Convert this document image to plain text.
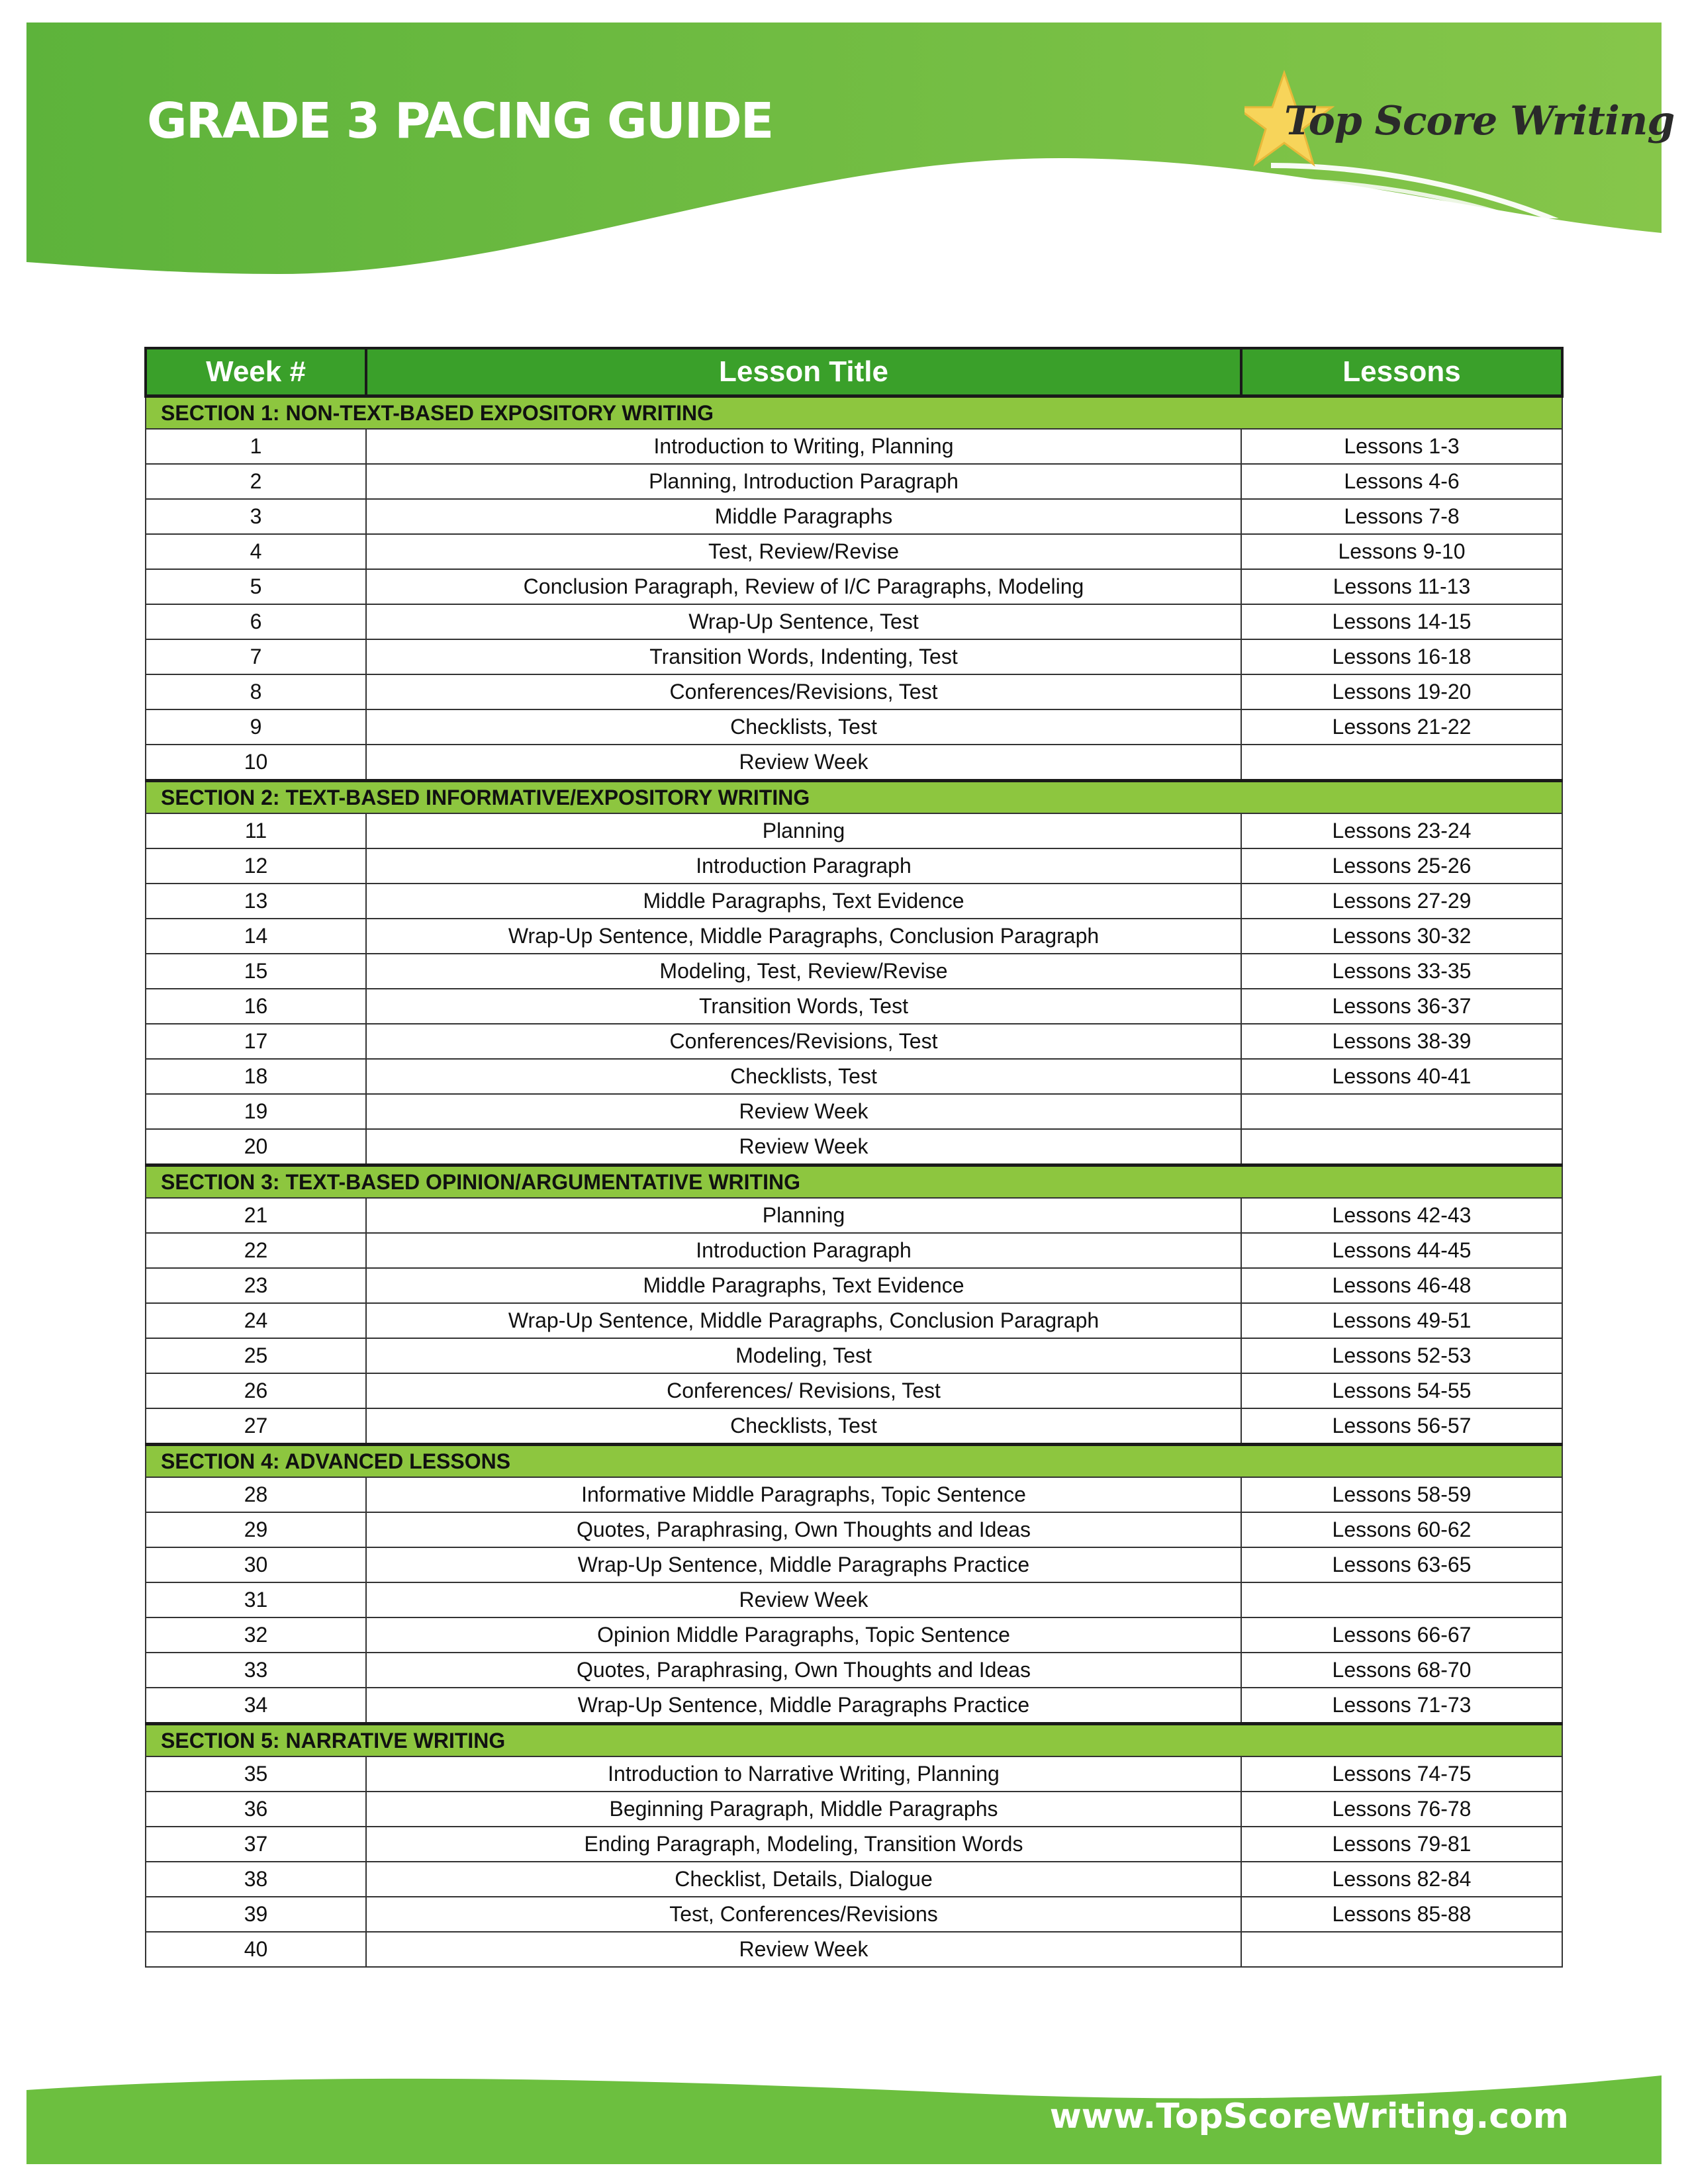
GRADE 3 PACING GUIDE	Top Score Writing
Week #	Lesson Title	Lessons
SECTION 1: NON-TEXT-BASED EXPOSITORY WRITING		
1	Introduction to Writing, Planning	Lessons 1-3
2	Planning, Introduction Paragraph	Lessons 4-6
3	Middle Paragraphs	Lessons 7-8
4	Test, Review/Revise	Lessons 9-10
5	Conclusion Paragraph, Review of I/C Paragraphs, Modeling	Lessons 11-13
6	Wrap-Up Sentence, Test	Lessons 14-15
7	Transition Words, Indenting, Test	Lessons 16-18
8	Conferences/Revisions, Test	Lessons 19-20
9	Checklists, Test	Lessons 21-22
10	Review Week	
SECTION 2: TEXT-BASED INFORMATIVE/EXPOSITORY WRITING		
11	Planning	Lessons 23-24
12	Introduction Paragraph	Lessons 25-26
13	Middle Paragraphs, Text Evidence	Lessons 27-29
14	Wrap-Up Sentence, Middle Paragraphs, Conclusion Paragraph	Lessons 30-32
15	Modeling, Test, Review/Revise	Lessons 33-35
16	Transition Words, Test	Lessons 36-37
17	Conferences/Revisions, Test	Lessons 38-39
18	Checklists, Test	Lessons 40-41
19	Review Week	
20	Review Week	
SECTION 3: TEXT-BASED OPINION/ARGUMENTATIVE WRITING		
21	Planning	Lessons 42-43
22	Introduction Paragraph	Lessons 44-45
23	Middle Paragraphs, Text Evidence	Lessons 46-48
24	Wrap-Up Sentence, Middle Paragraphs, Conclusion Paragraph	Lessons 49-51
25	Modeling, Test	Lessons 52-53
26	Conferences/ Revisions, Test	Lessons 54-55
27	Checklists, Test	Lessons 56-57
SECTION 4: ADVANCED LESSONS		
28	Informative Middle Paragraphs, Topic Sentence	Lessons 58-59
29	Quotes, Paraphrasing, Own Thoughts and Ideas	Lessons 60-62
30	Wrap-Up Sentence, Middle Paragraphs Practice	Lessons 63-65
31	Review Week	
32	Opinion Middle Paragraphs, Topic Sentence	Lessons 66-67
33	Quotes, Paraphrasing, Own Thoughts and Ideas	Lessons 68-70
34	Wrap-Up Sentence, Middle Paragraphs Practice	Lessons 71-73
SECTION 5: NARRATIVE WRITING		
35	Introduction to Narrative Writing, Planning	Lessons 74-75
36	Beginning Paragraph, Middle Paragraphs	Lessons 76-78
37	Ending Paragraph, Modeling, Transition Words	Lessons 79-81
38	Checklist, Details, Dialogue	Lessons 82-84
39	Test, Conferences/Revisions	Lessons 85-88
40	Review Week	
www.TopScoreWriting.com
